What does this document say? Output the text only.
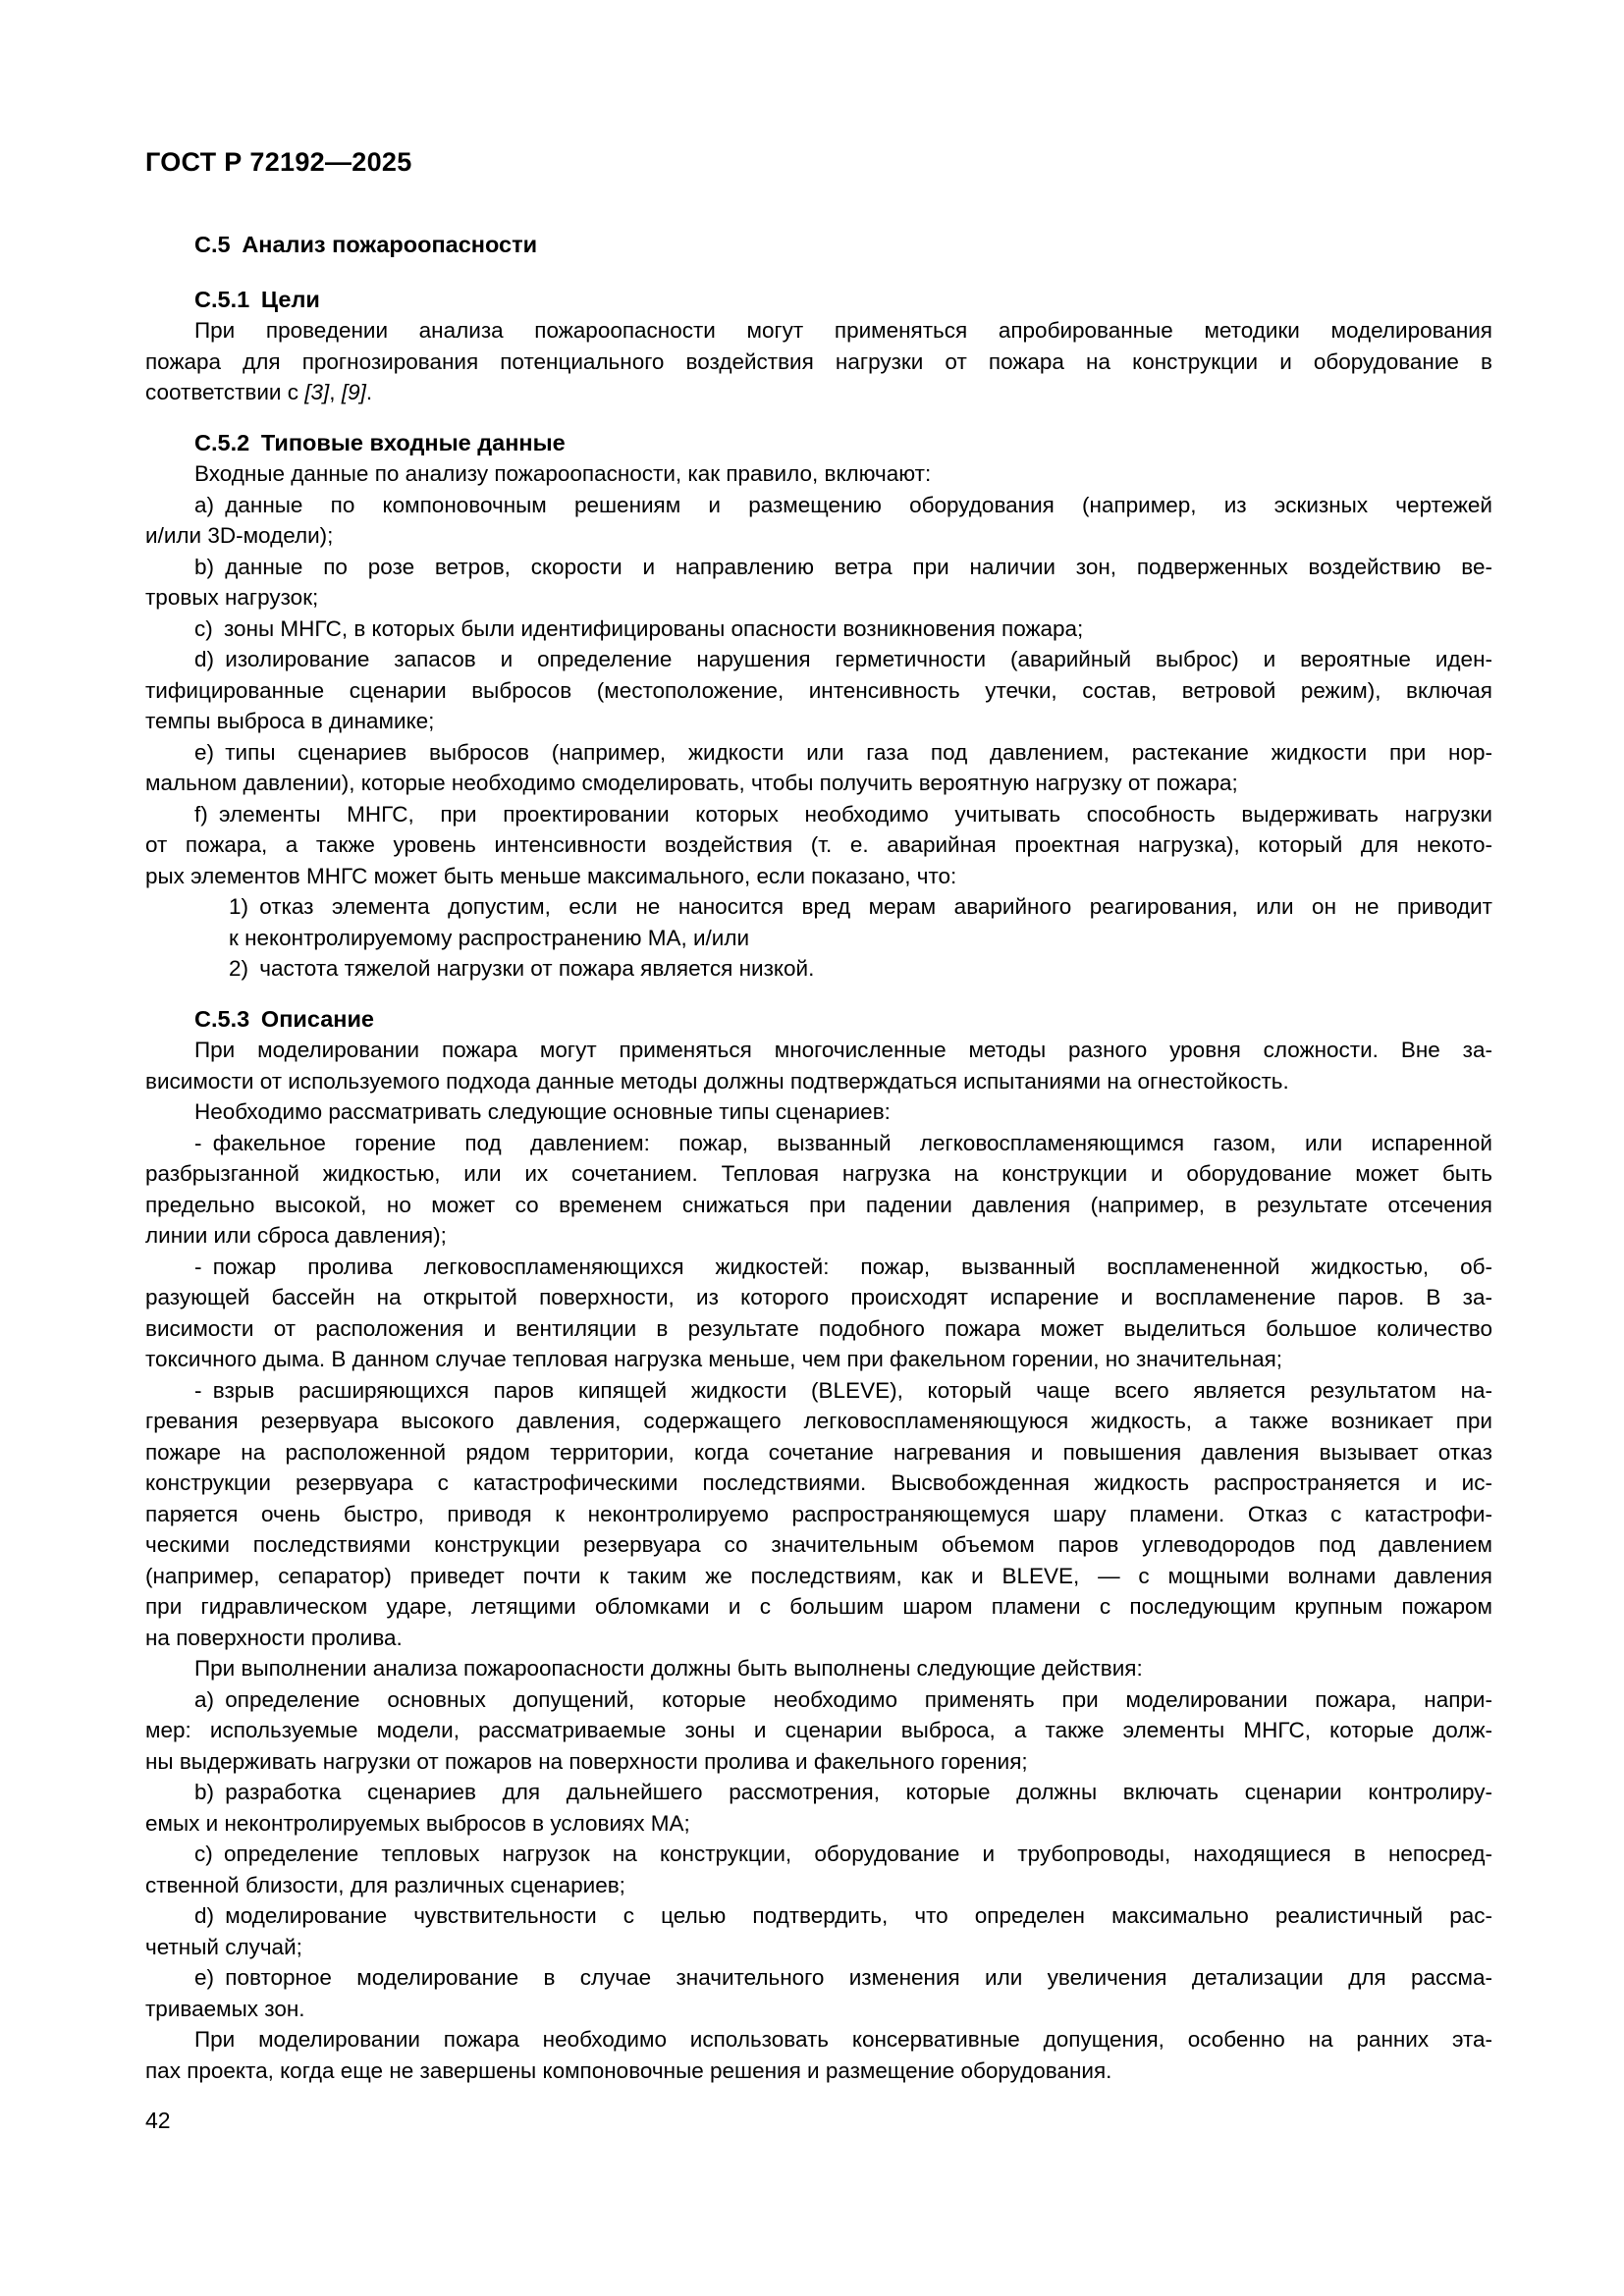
ГОСТ Р 72192—2025
С.5 Анализ пожароопасности
С.5.1 Цели
При проведении анализа пожароопасности могут применяться апробированные методики моделирования
пожара для прогнозирования потенциального воздействия нагрузки от пожара на конструкции и оборудование в
соответствии с [3], [9].
С.5.2 Типовые входные данные
Входные данные по анализу пожароопасности, как правило, включают:
a) данные по компоновочным решениям и размещению оборудования (например, из эскизных чертежей
и/или 3D-модели);
b) данные по розе ветров, скорости и направлению ветра при наличии зон, подверженных воздействию ве-
тровых нагрузок;
c) зоны МНГС, в которых были идентифицированы опасности возникновения пожара;
d) изолирование запасов и определение нарушения герметичности (аварийный выброс) и вероятные иден-
тифицированные сценарии выбросов (местоположение, интенсивность утечки, состав, ветровой режим), включая
темпы выброса в динамике;
e) типы сценариев выбросов (например, жидкости или газа под давлением, растекание жидкости при нор-
мальном давлении), которые необходимо смоделировать, чтобы получить вероятную нагрузку от пожара;
f) элементы МНГС, при проектировании которых необходимо учитывать способность выдерживать нагрузки
от пожара, а также уровень интенсивности воздействия (т. е. аварийная проектная нагрузка), который для некото-
рых элементов МНГС может быть меньше максимального, если показано, что:
1) отказ элемента допустим, если не наносится вред мерам аварийного реагирования, или он не приводит
к неконтролируемому распространению МА, и/или
2) частота тяжелой нагрузки от пожара является низкой.
С.5.3 Описание
При моделировании пожара могут применяться многочисленные методы разного уровня сложности. Вне за-
висимости от используемого подхода данные методы должны подтверждаться испытаниями на огнестойкость.
Необходимо рассматривать следующие основные типы сценариев:
- факельное горение под давлением: пожар, вызванный легковоспламеняющимся газом, или испаренной
разбрызганной жидкостью, или их сочетанием. Тепловая нагрузка на конструкции и оборудование может быть
предельно высокой, но может со временем снижаться при падении давления (например, в результате отсечения
линии или сброса давления);
- пожар пролива легковоспламеняющихся жидкостей: пожар, вызванный воспламененной жидкостью, об-
разующей бассейн на открытой поверхности, из которого происходят испарение и воспламенение паров. В за-
висимости от расположения и вентиляции в результате подобного пожара может выделиться большое количество
токсичного дыма. В данном случае тепловая нагрузка меньше, чем при факельном горении, но значительная;
- взрыв расширяющихся паров кипящей жидкости (BLEVE), который чаще всего является результатом на-
гревания резервуара высокого давления, содержащего легковоспламеняющуюся жидкость, а также возникает при
пожаре на расположенной рядом территории, когда сочетание нагревания и повышения давления вызывает отказ
конструкции резервуара с катастрофическими последствиями. Высвобожденная жидкость распространяется и ис-
паряется очень быстро, приводя к неконтролируемо распространяющемуся шару пламени. Отказ с катастрофи-
ческими последствиями конструкции резервуара со значительным объемом паров углеводородов под давлением
(например, сепаратор) приведет почти к таким же последствиям, как и BLEVE, — с мощными волнами давления
при гидравлическом ударе, летящими обломками и с большим шаром пламени с последующим крупным пожаром
на поверхности пролива.
При выполнении анализа пожароопасности должны быть выполнены следующие действия:
a) определение основных допущений, которые необходимо применять при моделировании пожара, напри-
мер: используемые модели, рассматриваемые зоны и сценарии выброса, а также элементы МНГС, которые долж-
ны выдерживать нагрузки от пожаров на поверхности пролива и факельного горения;
b) разработка сценариев для дальнейшего рассмотрения, которые должны включать сценарии контролиру-
емых и неконтролируемых выбросов в условиях МА;
c) определение тепловых нагрузок на конструкции, оборудование и трубопроводы, находящиеся в непосред-
ственной близости, для различных сценариев;
d) моделирование чувствительности с целью подтвердить, что определен максимально реалистичный рас-
четный случай;
e) повторное моделирование в случае значительного изменения или увеличения детализации для рассма-
триваемых зон.
При моделировании пожара необходимо использовать консервативные допущения, особенно на ранних эта-
пах проекта, когда еще не завершены компоновочные решения и размещение оборудования.
42
